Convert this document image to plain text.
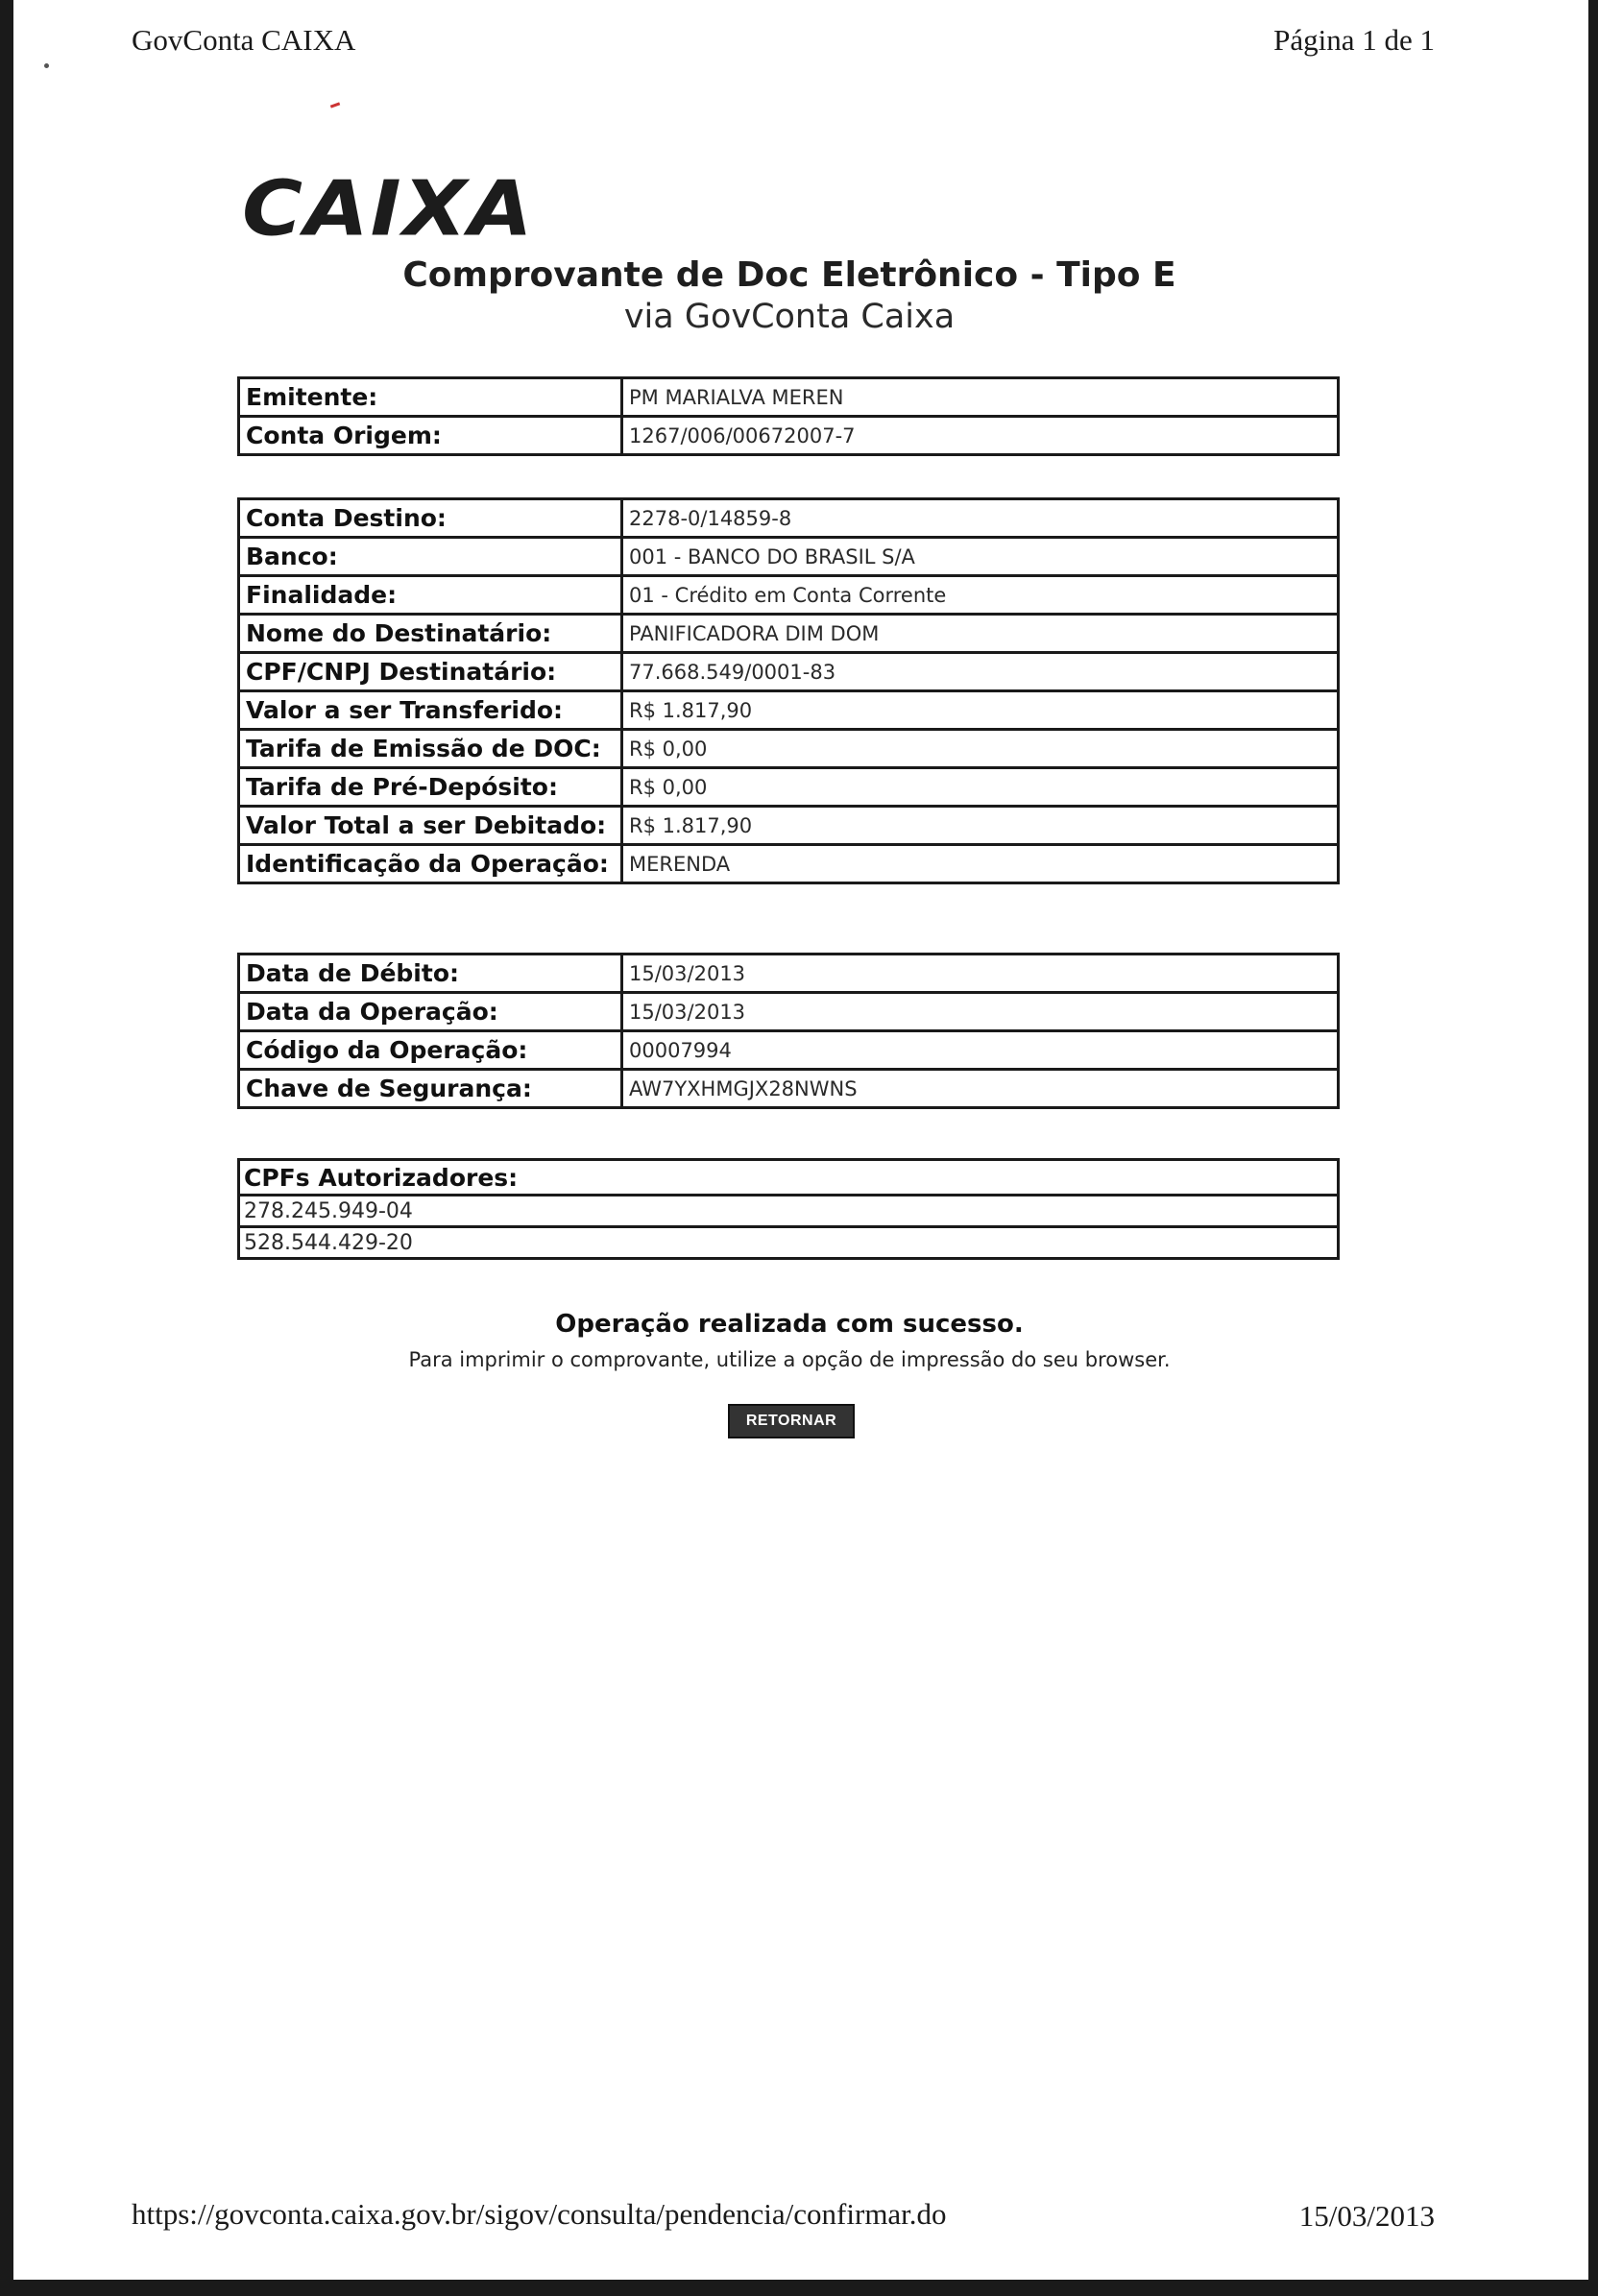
GovConta CAIXA	Página 1 de 1
CAIXA
Comprovante de Doc Eletrônico - Tipo E
via GovConta Caixa
Emitente:	PM MARIALVA MEREN
Conta Origem:	1267/006/00672007-7
Conta Destino:	2278-0/14859-8
Banco:	001 - BANCO DO BRASIL S/A
Finalidade:	01 - Crédito em Conta Corrente
Nome do Destinatário:	PANIFICADORA DIM DOM
CPF/CNPJ Destinatário:	77.668.549/0001-83
Valor a ser Transferido:	R$ 1.817,90
Tarifa de Emissão de DOC:	R$ 0,00
Tarifa de Pré-Depósito:	R$ 0,00
Valor Total a ser Debitado:	R$ 1.817,90
Identificação da Operação:	MERENDA
Data de Débito:	15/03/2013
Data da Operação:	15/03/2013
Código da Operação:	00007994
Chave de Segurança:	AW7YXHMGJX28NWNS
CPFs Autorizadores:
278.245.949-04
528.544.429-20
Operação realizada com sucesso.
Para imprimir o comprovante, utilize a opção de impressão do seu browser.
RETORNAR
https://govconta.caixa.gov.br/sigov/consulta/pendencia/confirmar.do	15/03/2013
